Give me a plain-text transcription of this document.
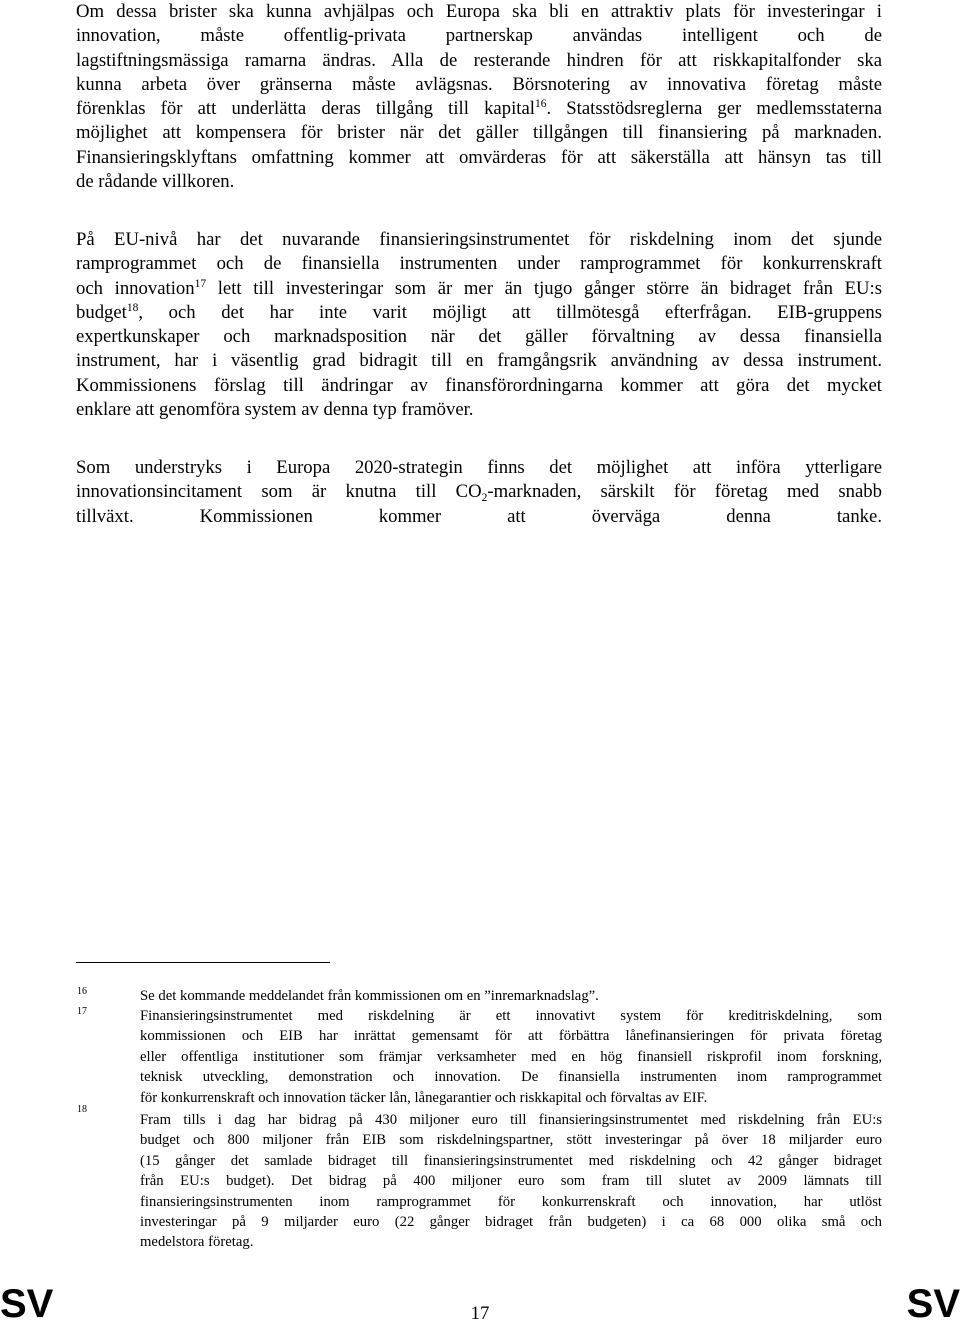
Om dessa brister ska kunna avhjälpas och Europa ska bli en attraktiv plats för investeringar i
innovation, måste offentlig-privata partnerskap användas intelligent och de
lagstiftningsmässiga ramarna ändras. Alla de resterande hindren för att riskkapitalfonder ska
kunna arbeta över gränserna måste avlägsnas. Börsnotering av innovativa företag måste
förenklas för att underlätta deras tillgång till kapital$^{16}$. Statsstödsreglerna ger medlemsstaterna
möjlighet att kompensera för brister när det gäller tillgången till finansiering på marknaden.
Finansieringsklyftans omfattning kommer att omvärderas för att säkerställa att hänsyn tas till
de rådande villkoren.
På EU-nivå har det nuvarande finansieringsinstrumentet för riskdelning inom det sjunde
ramprogrammet och de finansiella instrumenten under ramprogrammet för konkurrenskraft
och innovation$^{17}$ lett till investeringar som är mer än tjugo gånger större än bidraget från EU:s
budget$^{18}$, och det har inte varit möjligt att tillmötesgå efterfrågan. EIB-gruppens
expertkunskaper och marknadsposition när det gäller förvaltning av dessa finansiella
instrument, har i väsentlig grad bidragit till en framgångsrik användning av dessa instrument.
Kommissionens förslag till ändringar av finansförordningarna kommer att göra det mycket
enklare att genomföra system av denna typ framöver.
Som understryks i Europa 2020-strategin finns det möjlighet att införa ytterligare
innovationsincitament som är knutna till $CO_2$-marknaden, särskilt för företag med snabb
tillväxt. Kommissionen kommer att överväga denna tanke.
16	Se det kommande meddelandet från kommissionen om en ”inremarknadslag”.
17	Finansieringsinstrumentet med riskdelning är ett innovativt system för kreditriskdelning, som
kommissionen och EIB har inrättat gemensamt för att förbättra lånefinansieringen för privata företag
eller offentliga institutioner som främjar verksamheter med en hög finansiell riskprofil inom forskning,
teknisk utveckling, demonstration och innovation. De finansiella instrumenten inom ramprogrammet
för konkurrenskraft och innovation täcker lån, lånegarantier och riskkapital och förvaltas av EIF.
18
Fram tills i dag har bidrag på 430 miljoner euro till finansieringsinstrumentet med riskdelning från EU:s
budget och 800 miljoner från EIB som riskdelningspartner, stött investeringar på över 18 miljarder euro
(15 gånger det samlade bidraget till finansieringsinstrumentet med riskdelning och 42 gånger bidraget
från EU:s budget). Det bidrag på 400 miljoner euro som fram till slutet av 2009 lämnats till
finansieringsinstrumenten inom ramprogrammet för konkurrenskraft och innovation, har utlöst
investeringar på 9 miljarder euro (22 gånger bidraget från budgeten) i ca 68 000 olika små och
medelstora företag.
SV	17	SV
